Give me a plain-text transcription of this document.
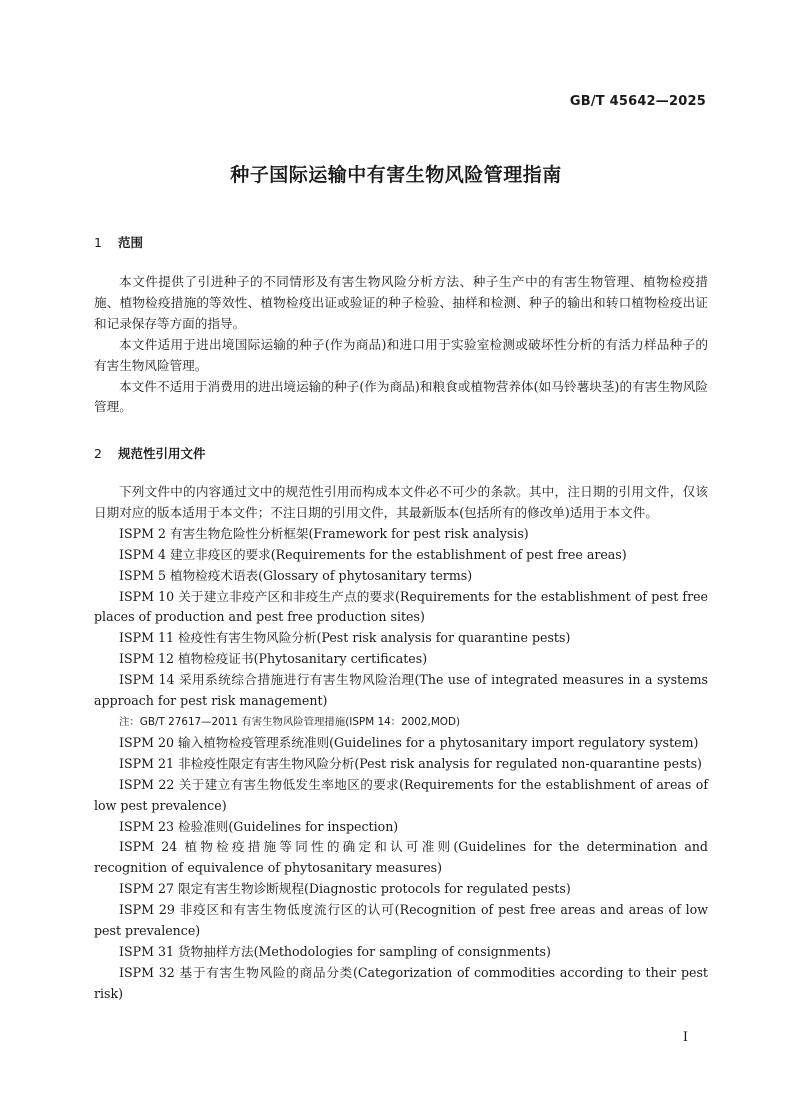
GB/T 45642—2025
种子国际运输中有害生物风险管理指南
1 范围

本文件提供了引进种子的不同情形及有害生物风险分析方法、种子生产中的有害生物管理、植物检疫措施、植物检疫措施的等效性、植物检疫出证或验证的种子检验、抽样和检测、种子的输出和转口植物检疫出证和记录保存等方面的指导。

本文件适用于进出境国际运输的种子(作为商品)和进口用于实验室检测或破坏性分析的有活力样品种子的有害生物风险管理。

本文件不适用于消费用的进出境运输的种子(作为商品)和粮食或植物营养体(如马铃薯块茎)的有害生物风险管理。

2 规范性引用文件

下列文件中的内容通过文中的规范性引用而构成本文件必不可少的条款。其中，注日期的引用文件，仅该日期对应的版本适用于本文件；不注日期的引用文件，其最新版本(包括所有的修改单)适用于本文件。

ISPM 2 有害生物危险性分析框架(Framework for pest risk analysis)

ISPM 4 建立非疫区的要求(Requirements for the establishment of pest free areas)

ISPM 5 植物检疫术语表(Glossary of phytosanitary terms)

ISPM 10 关于建立非疫产区和非疫生产点的要求(Requirements for the establishment of pest free places of production and pest free production sites)

ISPM 11 检疫性有害生物风险分析(Pest risk analysis for quarantine pests)

ISPM 12 植物检疫证书(Phytosanitary certificates)

ISPM 14 采用系统综合措施进行有害生物风险治理(The use of integrated measures in a systems approach for pest risk management)

注：GB/T 27617—2011 有害生物风险管理措施(ISPM 14：2002,MOD)

ISPM 20 输入植物检疫管理系统准则(Guidelines for a phytosanitary import regulatory system)

ISPM 21 非检疫性限定有害生物风险分析(Pest risk analysis for regulated non-quarantine pests)

ISPM 22 关于建立有害生物低发生率地区的要求(Requirements for the establishment of areas of low pest prevalence)

ISPM 23 检验准则(Guidelines for inspection)

ISPM 24 植物检疫措施等同性的确定和认可准则(Guidelines for the determination and recognition of equivalence of phytosanitary measures)

ISPM 27 限定有害生物诊断规程(Diagnostic protocols for regulated pests)

ISPM 29 非疫区和有害生物低度流行区的认可(Recognition of pest free areas and areas of low pest prevalence)

ISPM 31 货物抽样方法(Methodologies for sampling of consignments)

ISPM 32 基于有害生物风险的商品分类(Categorization of commodities according to their pest risk)

I
